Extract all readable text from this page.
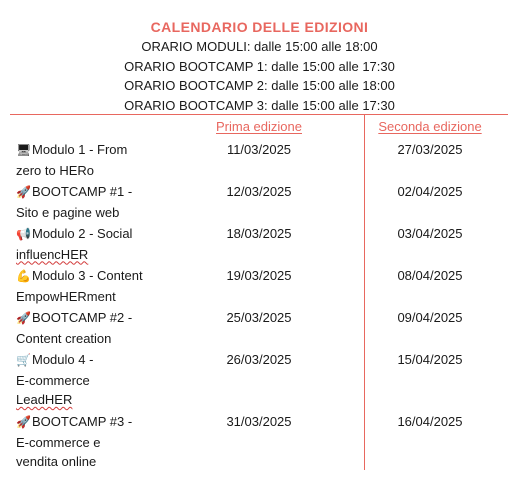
CALENDARIO DELLE EDIZIONI

ORARIO MODULI: dalle 15:00 alle 18:00

ORARIO BOOTCAMP 1: dalle 15:00 alle 17:30

ORARIO BOOTCAMP 2: dalle 15:00 alle 18:00

ORARIO BOOTCAMP 3: dalle 15:00 alle 17:30

Prima edizione	Seconda edizione
🖥Modulo 1 - From
zero to HERo
11/03/2025	27/03/2025
🚀BOOTCAMP #1 -
Sito e pagine web
12/03/2025	02/04/2025
📢Modulo 2 - Social
influencHER
18/03/2025	03/04/2025
💪Modulo 3 - Content
EmpowHERment
19/03/2025	08/04/2025
🚀BOOTCAMP #2 -
Content creation
25/03/2025	09/04/2025
🛒Modulo 4 -
E-commerce
LeadHER
26/03/2025	15/04/2025
🚀BOOTCAMP #3 -
E-commerce e
vendita online
31/03/2025	16/04/2025
